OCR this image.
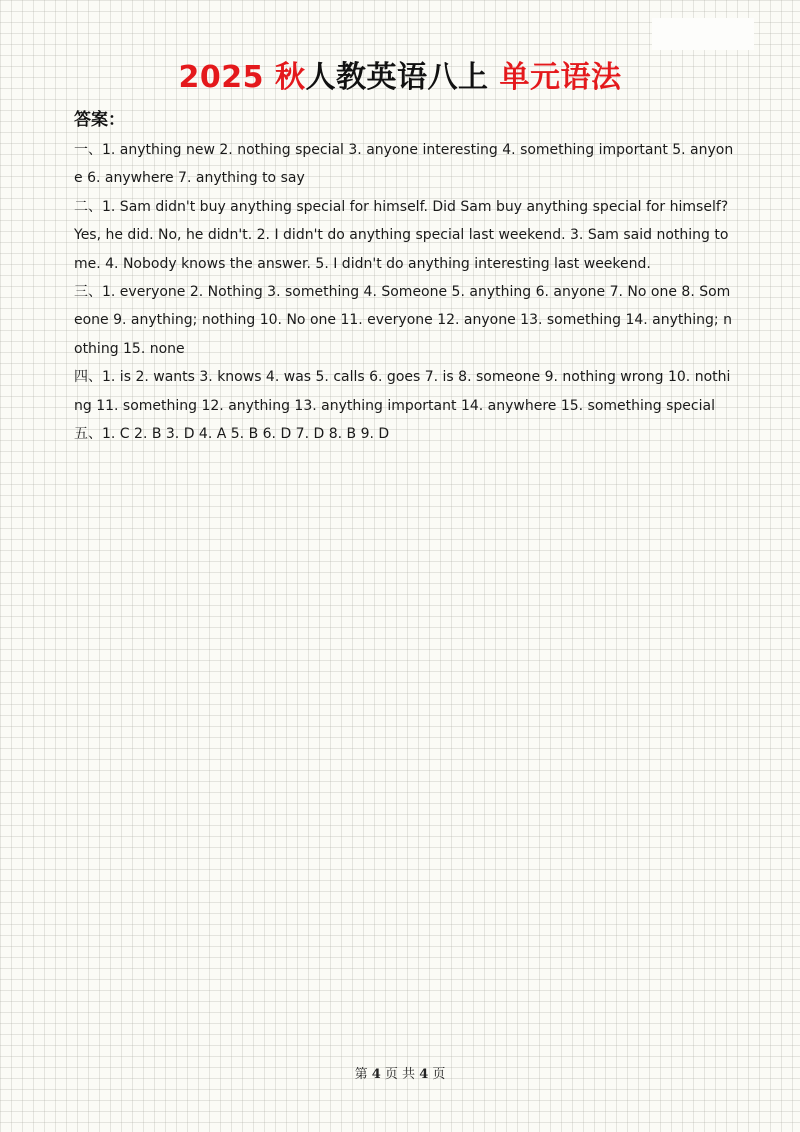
2025 秋人教英语八上 单元语法
答案：

一、1. anything new 2. nothing special 3. anyone interesting 4. something important 5. anyone 6. anywhere 7. anything to say

二、1. Sam didn't buy anything special for himself. Did Sam buy anything special for himself? Yes, he did. No, he didn't. 2. I didn't do anything special last weekend. 3. Sam said nothing to me. 4. Nobody knows the answer. 5. I didn't do anything interesting last weekend.

三、1. everyone 2. Nothing 3. something 4. Someone 5. anything 6. anyone 7. No one 8. Someone 9. anything; nothing 10. No one 11. everyone 12. anyone 13. something 14. anything; nothing 15. none

四、1. is 2. wants 3. knows 4. was 5. calls 6. goes 7. is 8. someone 9. nothing wrong 10. nothing 11. something 12. anything 13. anything important 14. anywhere 15. something special

五、1. C 2. B 3. D 4. A 5. B 6. D 7. D 8. B 9. D

第 4 页 共 4 页
